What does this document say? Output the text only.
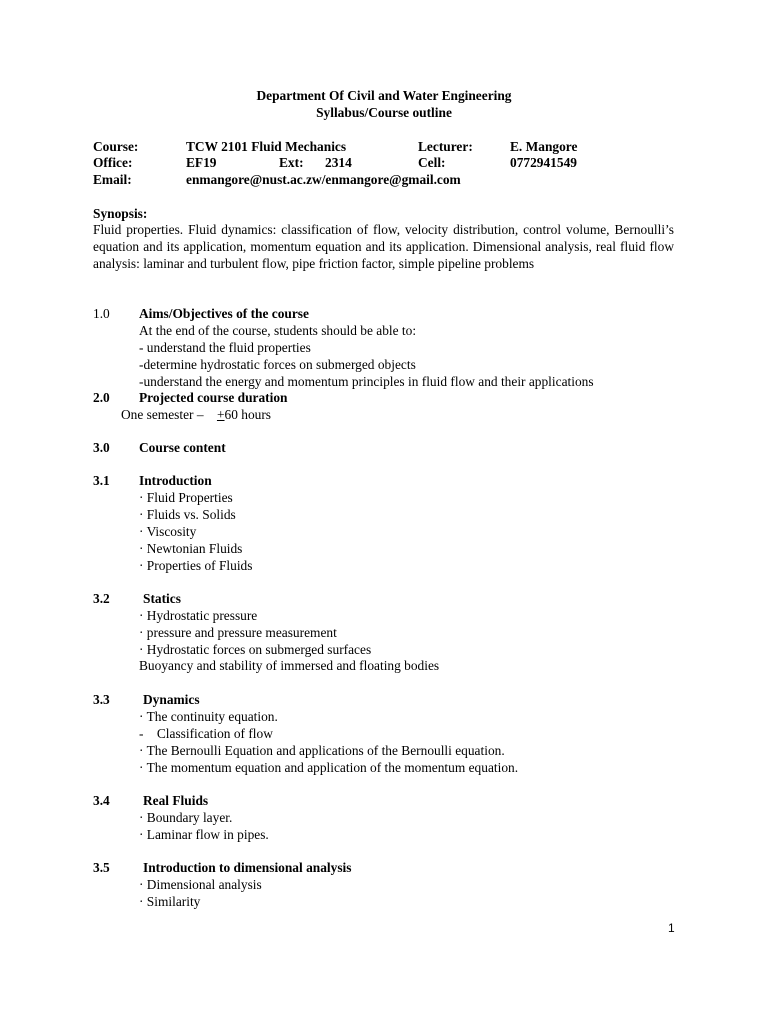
Department Of Civil and Water Engineering
Syllabus/Course outline
Course:	TCW 2101 Fluid Mechanics	Lecturer:	E. Mangore
Office:	EF19	Ext: 2314	Cell:	0772941549
Email:	enmangore@nust.ac.zw/enmangore@gmail.com
Synopsis:
Fluid properties. Fluid dynamics: classification of flow, velocity distribution, control volume, Bernoulli’s equation and its application, momentum equation and its application. Dimensional analysis, real fluid flow analysis: laminar and turbulent flow, pipe friction factor, simple pipeline problems
1.0 Aims/Objectives of the course
At the end of the course, students should be able to:
- understand the fluid properties
-determine hydrostatic forces on submerged objects
-understand the energy and momentum principles in fluid flow and their applications
2.0 Projected course duration
One semester – +60 hours
3.0 Course content
3.1 Introduction
· Fluid Properties
· Fluids vs. Solids
· Viscosity
· Newtonian Fluids
· Properties of Fluids
3.2 Statics
· Hydrostatic pressure
· pressure and pressure measurement
· Hydrostatic forces on submerged surfaces
Buoyancy and stability of immersed and floating bodies
3.3 Dynamics
· The continuity equation.
-    Classification of flow
· The Bernoulli Equation and applications of the Bernoulli equation.
· The momentum equation and application of the momentum equation.
3.4 Real Fluids
· Boundary layer.
· Laminar flow in pipes.
3.5 Introduction to dimensional analysis
· Dimensional analysis
· Similarity
1
